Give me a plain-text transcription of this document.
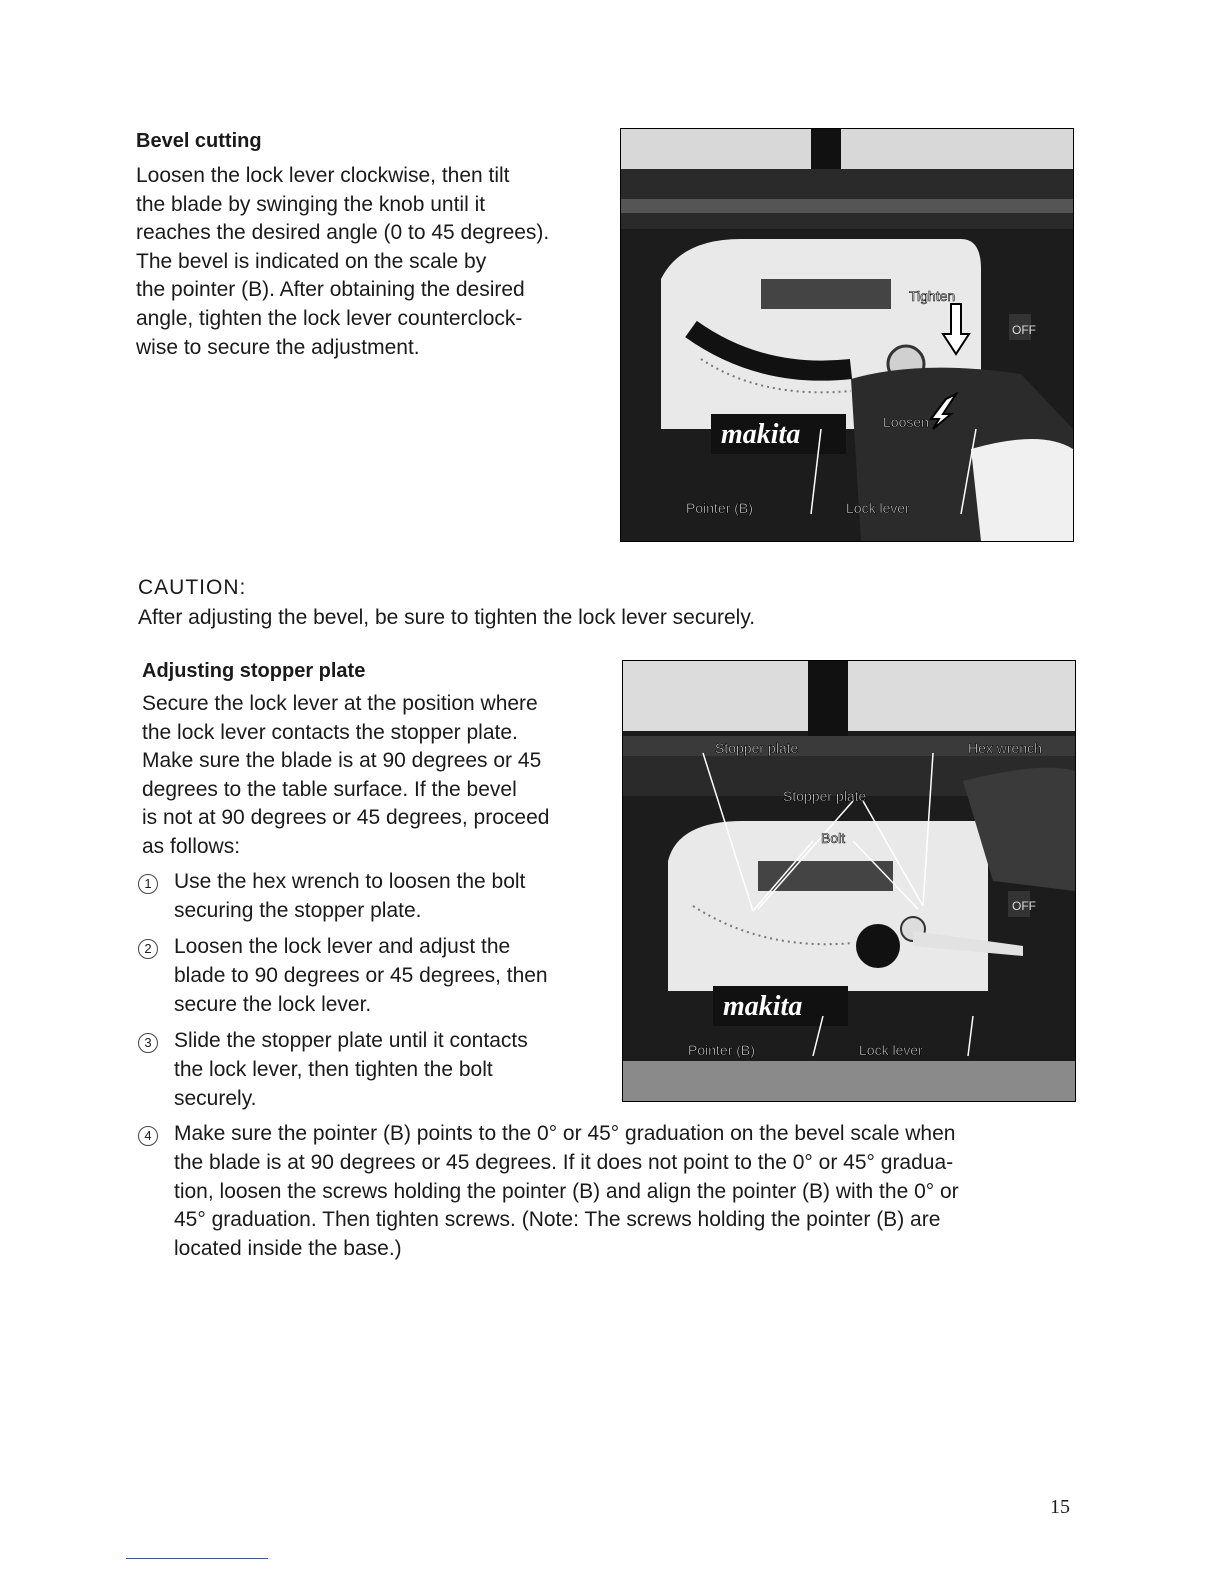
Bevel cutting
Loosen the lock lever clockwise, then tilt
the blade by swinging the knob until it
reaches the desired angle (0 to 45 degrees).
The bevel is indicated on the scale by
the pointer (B). After obtaining the desired
angle, tighten the lock lever counterclock-
wise to secure the adjustment.
makita
OFF
Tighten
Loosen
Pointer (B)	Lock lever
CAUTION:
After adjusting the bevel, be sure to tighten the lock lever securely.
Adjusting stopper plate
Secure the lock lever at the position where
the lock lever contacts the stopper plate.
Make sure the blade is at 90 degrees or 45
degrees to the table surface. If the bevel
is not at 90 degrees or 45 degrees, proceed
as follows:
1	Use the hex wrench to loosen the bolt
securing the stopper plate.
2	Loosen the lock lever and adjust the
blade to 90 degrees or 45 degrees, then
secure the lock lever.
3	Slide the stopper plate until it contacts
the lock lever, then tighten the bolt
securely.
4	Make sure the pointer (B) points to the 0° or 45° graduation on the bevel scale when
the blade is at 90 degrees or 45 degrees. If it does not point to the 0° or 45° gradua-
tion, loosen the screws holding the pointer (B) and align the pointer (B) with the 0° or
45° graduation. Then tighten screws. (Note: The screws holding the pointer (B) are
located inside the base.)
OFF
makita
Stopper plate	Hex wrench
Stopper plate
Bolt
Pointer (B)	Lock lever
15
